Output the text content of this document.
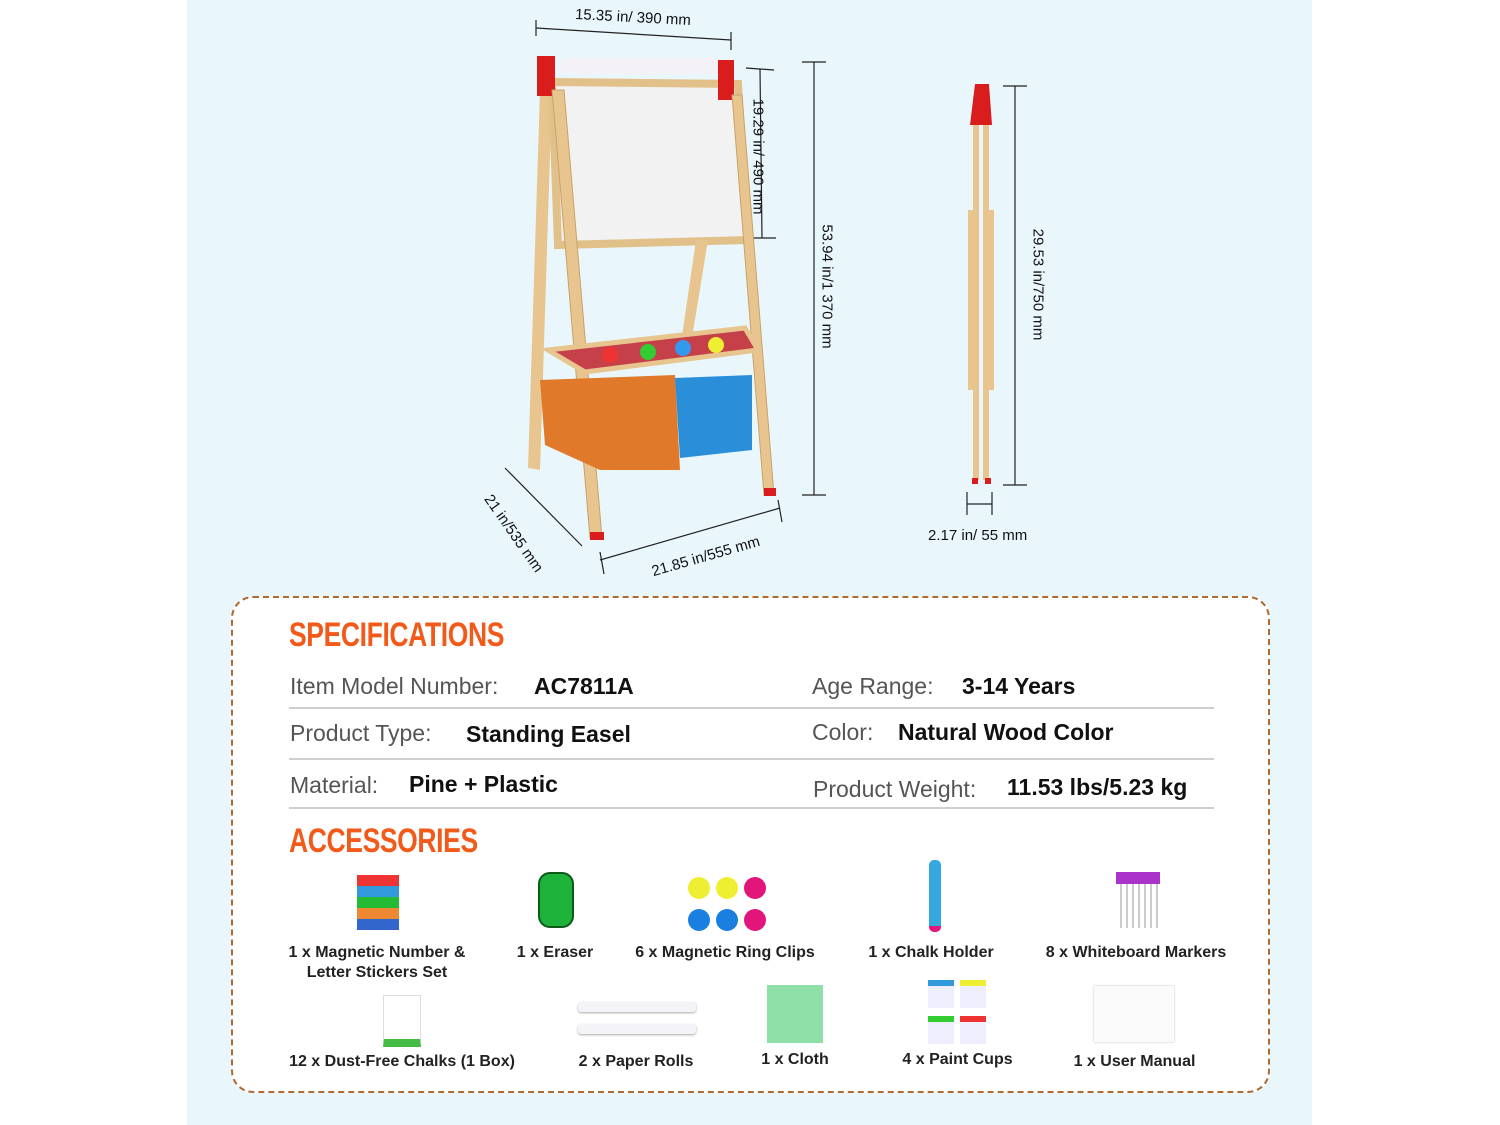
15.35 in/ 390 mm
19.29 in/ 490 mm
53.94 in/1 370 mm	29.53 in/750 mm
2.17 in/ 55 mm
21 in/535 mm	21.85 in/555 mm
SPECIFICATIONS
Item Model Number: AC7811A	Age Range: 3-14 Years
Product Type: Standing Easel	Color: Natural Wood Color
Material: Pine + Plastic	Product Weight: 11.53 lbs/5.23 kg
ACCESSORIES
1 x Magnetic Number &
Letter Stickers Set
1 x Eraser	6 x Magnetic Ring Clips	1 x Chalk Holder	8 x Whiteboard Markers
12 x Dust-Free Chalks (1 Box)	2 x Paper Rolls	1 x Cloth	4 x Paint Cups	1 x User Manual
